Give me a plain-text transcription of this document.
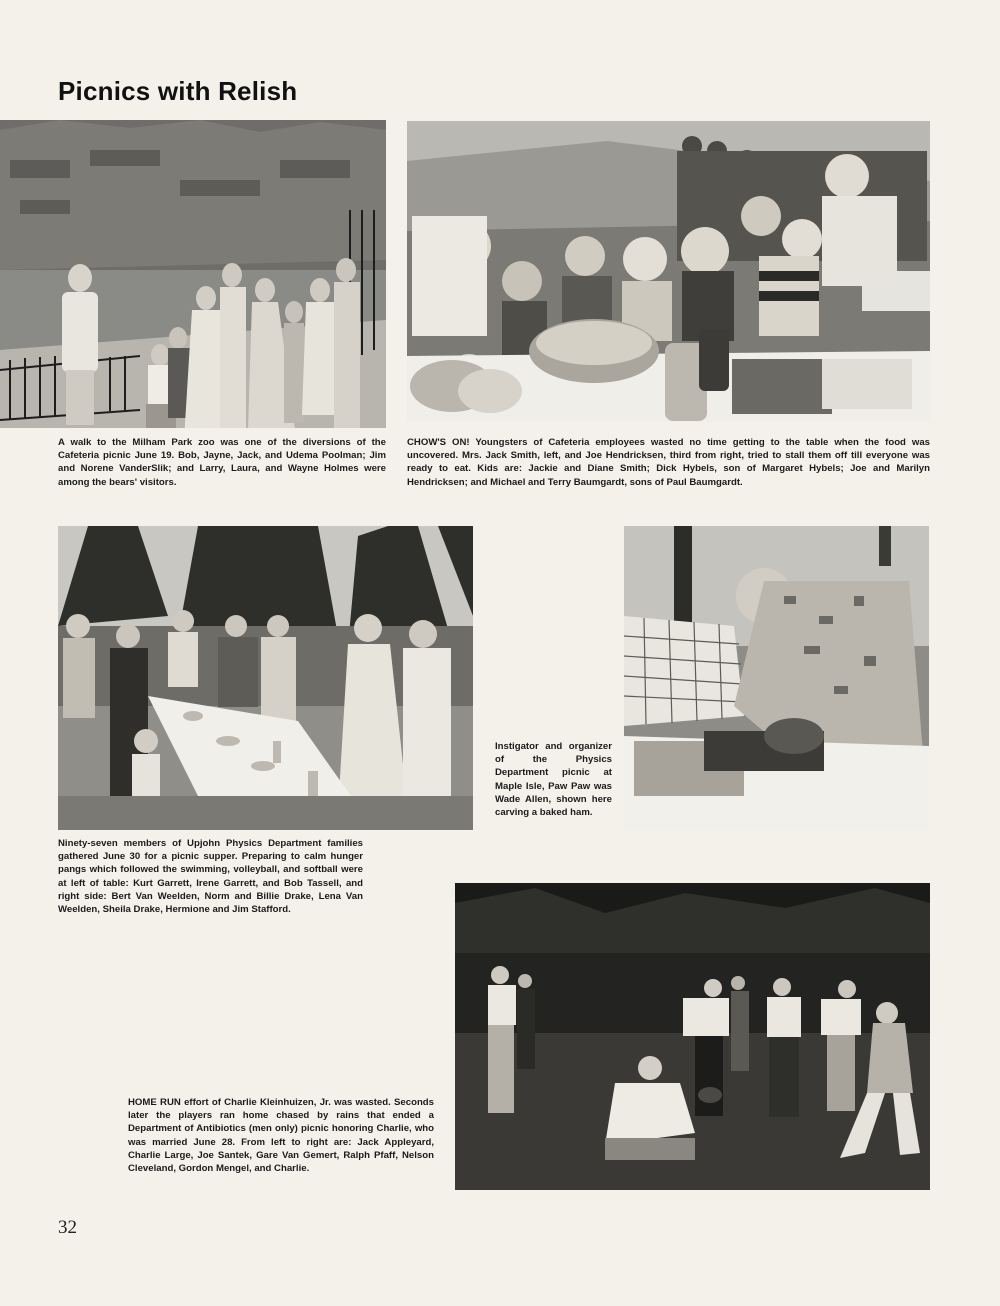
Picnics with Relish
A walk to the Milham Park zoo was one of the diversions of the Cafeteria picnic June 19. Bob, Jayne, Jack, and Udema Poolman; Jim and Norene VanderSlik; and Larry, Laura, and Wayne Holmes were among the bears' visitors.
CHOW'S ON! Youngsters of Cafeteria employees wasted no time getting to the table when the food was uncovered. Mrs. Jack Smith, left, and Joe Hendricksen, third from right, tried to stall them off till everyone was ready to eat. Kids are: Jackie and Diane Smith; Dick Hybels, son of Margaret Hybels; Joe and Marilyn Hendricksen; and Michael and Terry Baumgardt, sons of Paul Baumgardt.
Instigator and organizer of the Physics Department picnic at Maple Isle, Paw Paw was Wade Allen, shown here carving a baked ham.
Ninety-seven members of Upjohn Physics Department families gathered June 30 for a picnic supper. Preparing to calm hunger pangs which followed the swimming, volleyball, and softball were at left of table: Kurt Garrett, Irene Garrett, and Bob Tassell, and right side: Bert Van Weelden, Norm and Billie Drake, Lena Van Weelden, Sheila Drake, Hermione and Jim Stafford.
HOME RUN effort of Charlie Kleinhuizen, Jr. was wasted. Seconds later the players ran home chased by rains that ended a Department of Antibiotics (men only) picnic honoring Charlie, who was married June 28. From left to right are: Jack Appleyard, Charlie Large, Joe Santek, Gare Van Gemert, Ralph Pfaff, Nelson Cleveland, Gordon Mengel, and Charlie.
32
